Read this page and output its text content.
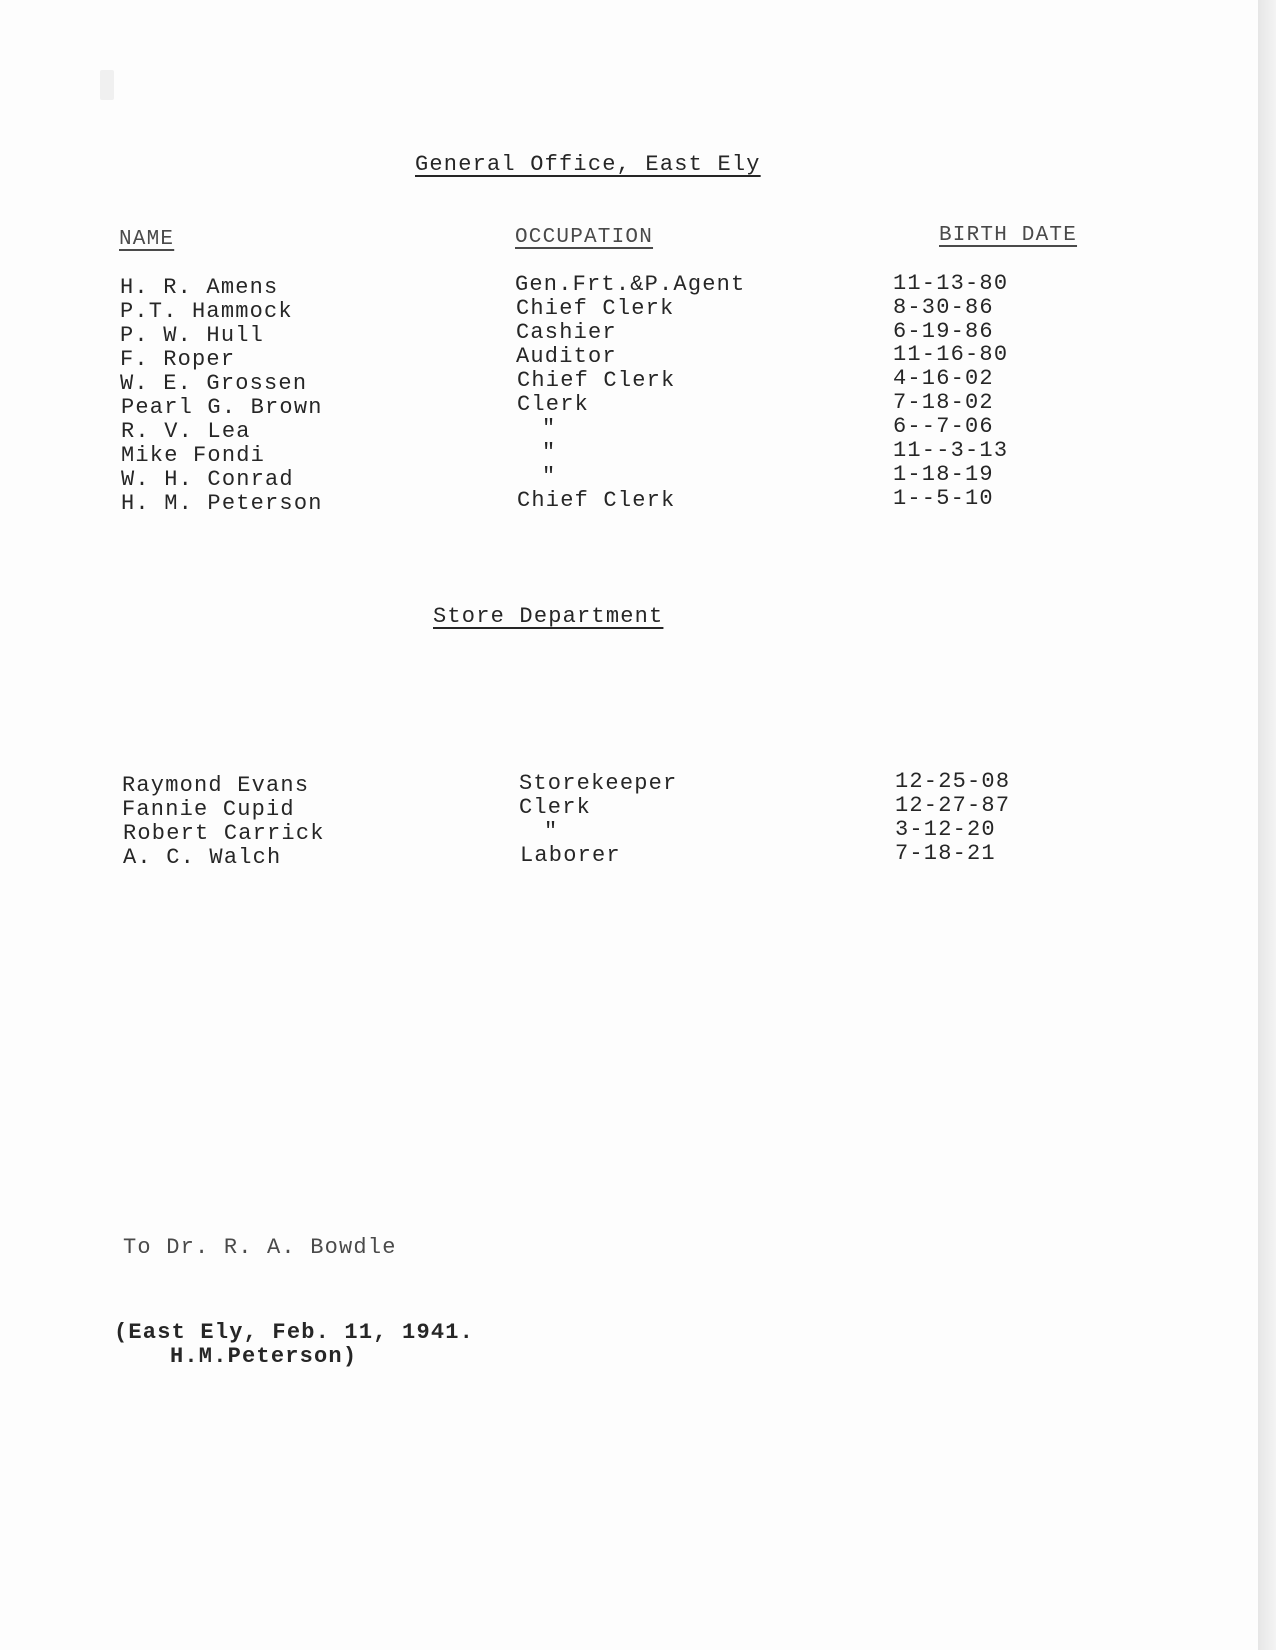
General Office, East Ely
NAME	OCCUPATION	BIRTH DATE
H. R. Amens	Gen.Frt.&P.Agent	11-13-80
P.T. Hammock	Chief Clerk	8-30-86
P. W. Hull	Cashier	6-19-86
F. Roper	Auditor	11-16-80
W. E. Grossen	Chief Clerk	4-16-02
Pearl G. Brown	Clerk	7-18-02
R. V. Lea	"	6--7-06
Mike Fondi	"	11--3-13
W. H. Conrad	"	1-18-19
H. M. Peterson	Chief Clerk	1--5-10
Store Department
Raymond Evans	Storekeeper	12-25-08
Fannie Cupid	Clerk	12-27-87
Robert Carrick	"	3-12-20
A. C. Walch	Laborer	7-18-21
To Dr. R. A. Bowdle
(East Ely, Feb. 11, 1941.
H.M.Peterson)
